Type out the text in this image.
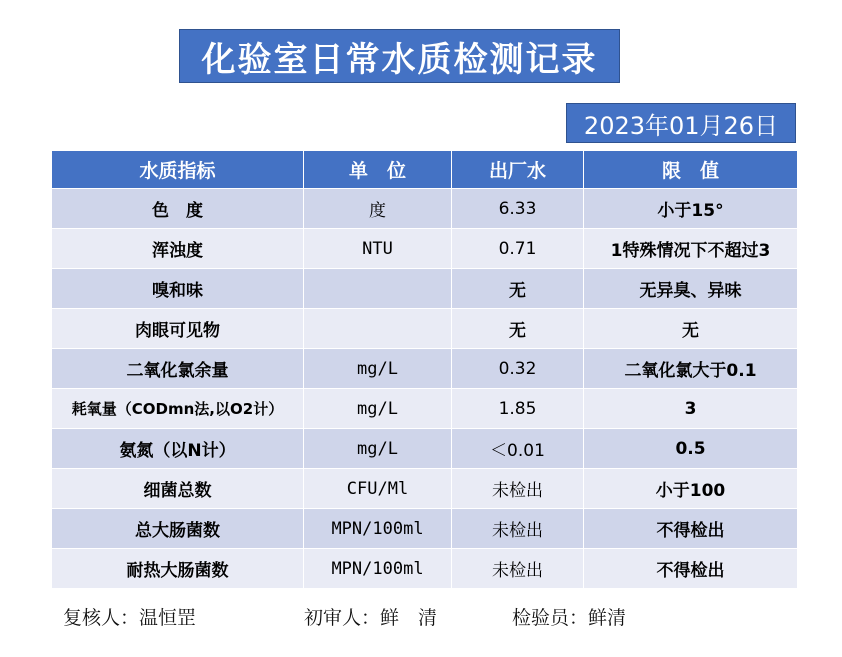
化验室日常水质检测记录
2023年01月26日
水质指标	单　位	出厂水	限　值
色　度	度	6.33	小于15°
浑浊度	NTU	0.71	1特殊情况下不超过3
嗅和味		无	无异臭、异味
肉眼可见物		无	无
二氧化氯余量	mg/L	0.32	二氧化氯大于0.1
耗氧量（CODmn法,以O2计）	mg/L	1.85	3
氨氮（以N计）	mg/L	＜0.01	0.5
细菌总数	CFU/Ml	未检出	小于100
总大肠菌数	MPN/100ml	未检出	不得检出
耐热大肠菌数	MPN/100ml	未检出	不得检出
复核人：温恒罡	初审人：鲜　清	检验员：鲜清
